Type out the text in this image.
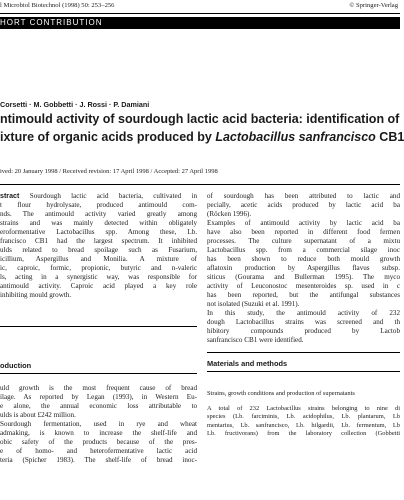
l Microbiol Biotechnol (1998) 50: 253–256	© Springer-Verlag
HORT CONTRIBUTION
Corsetti · M. Gobbetti · J. Rossi · P. Damiani
ntimould activity of sourdough lactic acid bacteria: identification of
ixture of organic acids produced by Lactobacillus sanfrancisco CB1
ived: 20 January 1998 / Received revision: 17 April 1998 / Accepted: 27 April 1998
stract Sourdough lactic acid bacteria, cultivated in
t flour hydrolysate, produced antimould com-
nds. The antimould activity varied greatly among
strains and was mainly detected within obligately
eroformentative Lactobacillus spp. Among these, Lb.
francisco CB1 had the largest spectrum. It inhibited
ulds related to bread spoilage such as Fusarium,
icillium, Aspergillus and Monilia. A mixture of
ic, caproic, formic, propionic, butyric and n-valeric
ls, acting in a synergistic way, was responsible for
antimould activity. Caproic acid played a key role
inhibiting mould growth.
oduction
uld growth is the most frequent cause of bread
ilage. As reported by Legan (1993), in Western Eu-
e alone, the annual economic loss attributable to
ulds is about £242 million.
Sourdough fermentation, used in rye and wheat
admaking, is known to increase the shelf-life and
obic safety of the products because of the pres-
e of homo- and heterofermentative lactic acid
teria (Spicher 1983). The shelf-life of bread inoc-
of sourdough has been attributed to lactic and
pecially, acetic acids produced by lactic acid ba
(Röcken 1996).
Examples of antimould activity by lactic acid ba
have also been reported in different food fermen
processes. The culture supernatant of a mixtu
Lactobacillus spp. from a commercial silage inoc
has been shown to reduce both mould growth
aflatoxin production by Aspergillus flavus subsp.
siticus (Gourama and Bullerman 1995). The myco
activity of Leuconostoc mesenteroides sp. used in c
has been reported, but the antifungal substances
not isolated (Suzuki et al. 1991).
In this study, the antimould activity of 232
dough Lactobacillus strains was screened and th
hibitory compounds produced by Lactob
sanfrancisco CB1 were identified.
Materials and methods
Strains, growth conditions and production of supernatants
A total of 232 Lactobacillus strains belonging to nine di
species (Lb. farciminis, Lb. acidophilus, Lb. plantarum, Lb
mentarius, Lb. sanfrancisco, Lb. hilgardii, Lb. fermentum, Lb
Lb. fructivorans) from the laboratory collection (Gobbetti
